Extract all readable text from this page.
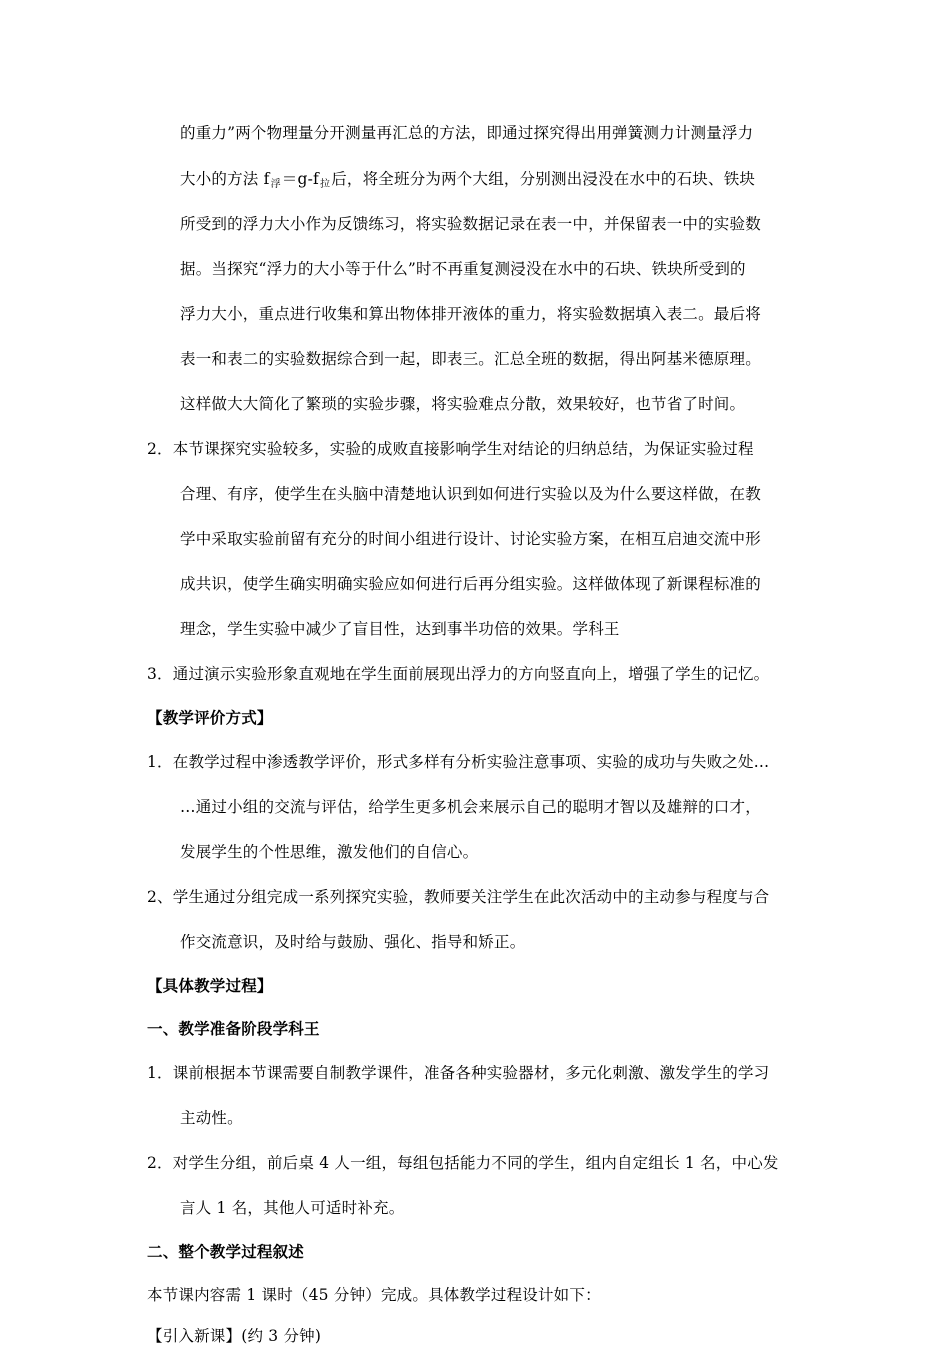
的重力”两个物理量分开测量再汇总的方法，即通过探究得出用弹簧测力计测量浮力
大小的方法 $f_浮=g-f_拉$后，将全班分为两个大组，分别测出浸没在水中的石块、铁块
所受到的浮力大小作为反馈练习，将实验数据记录在表一中，并保留表一中的实验数
据。当探究“浮力的大小等于什么”时不再重复测浸没在水中的石块、铁块所受到的
浮力大小，重点进行收集和算出物体排开液体的重力，将实验数据填入表二。最后将
表一和表二的实验数据综合到一起，即表三。汇总全班的数据，得出阿基米德原理。
这样做大大简化了繁琐的实验步骤，将实验难点分散，效果较好，也节省了时间。
2．本节课探究实验较多，实验的成败直接影响学生对结论的归纳总结，为保证实验过程
合理、有序，使学生在头脑中清楚地认识到如何进行实验以及为什么要这样做，在教
学中采取实验前留有充分的时间小组进行设计、讨论实验方案，在相互启迪交流中形
成共识，使学生确实明确实验应如何进行后再分组实验。这样做体现了新课程标准的
理念，学生实验中减少了盲目性，达到事半功倍的效果。学科王
3．通过演示实验形象直观地在学生面前展现出浮力的方向竖直向上，增强了学生的记忆。
【教学评价方式】
1．在教学过程中渗透教学评价，形式多样有分析实验注意事项、实验的成功与失败之处…
…通过小组的交流与评估，给学生更多机会来展示自己的聪明才智以及雄辩的口才，
发展学生的个性思维，激发他们的自信心。
2、学生通过分组完成一系列探究实验，教师要关注学生在此次活动中的主动参与程度与合
作交流意识，及时给与鼓励、强化、指导和矫正。
【具体教学过程】
一、教学准备阶段学科王
1．课前根据本节课需要自制教学课件，准备各种实验器材，多元化刺激、激发学生的学习
主动性。
2．对学生分组，前后桌 4 人一组，每组包括能力不同的学生，组内自定组长 1 名，中心发
言人 1 名，其他人可适时补充。
二、整个教学过程叙述
本节课内容需 1 课时（45 分钟）完成。具体教学过程设计如下：
【引入新课】(约 3 分钟)
